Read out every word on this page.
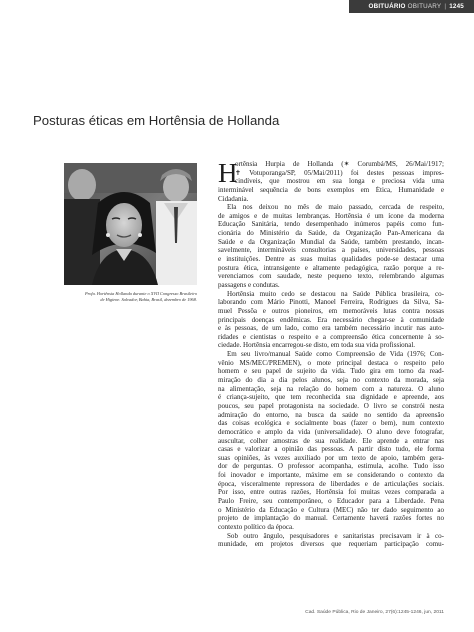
OBITUÁRIO OBITUARY | 1245
Posturas éticas em Hortênsia de Hollanda
Profa. Hortênsia Hollanda durante o XVII Congresso Brasileiro
de Higiene. Salvador, Bahia, Brasil, dezembro de 1968.
H
ortênsia Hurpia de Hollanda (✶ Corumbá/MS, 26/Mai/1917;
✝ Votuporanga/SP, 05/Mai/2011) foi destes pessoas impres-
cindíveis, que mostrou em sua longa e preciosa vida uma
interminável sequência de bons exemplos em Ética, Humanidade e
Cidadania.
Ela nos deixou no mês de maio passado, cercada de respeito,
de amigos e de muitas lembranças. Hortênsia é um ícone da moderna
Educação Sanitária, tendo desempenhado inúmeros papéis como fun-
cionária do Ministério da Saúde, da Organização Pan-Americana da
Saúde e da Organização Mundial da Saúde, também prestando, incan-
savelmente, intermináveis consultorias a países, universidades, pessoas
e instituições. Dentre as suas muitas qualidades pode-se destacar uma
postura ética, intransigente e altamente pedagógica, razão porque a re-
verenciamos com saudade, neste pequeno texto, relembrando algumas
passagens e condutas.
Hortênsia muito cedo se destacou na Saúde Pública brasileira, co-
laborando com Mário Pinotti, Manoel Ferreira, Rodrigues da Silva, Sa-
muel Pessôa e outros pioneiros, em memoráveis lutas contra nossas
principais doenças endêmicas. Era necessário chegar-se à comunidade
e às pessoas, de um lado, como era também necessário incutir nas auto-
ridades e cientistas o respeito e a compreensão ética concernente à so-
ciedade. Hortênsia encarregou-se disto, em toda sua vida profissional.
Em seu livro/manual Saúde como Compreensão de Vida (1976; Con-
vênio MS/MEC/PREMEN), o mote principal destaca o respeito pelo
homem e seu papel de sujeito da vida. Tudo gira em torno da read-
miração do dia a dia pelos alunos, seja no contexto da morada, seja
na alimentação, seja na relação do homem com a natureza. O aluno
é criança-sujeito, que tem reconhecida sua dignidade e apreende, aos
poucos, seu papel protagonista na sociedade. O livro se constrói nesta
admiração do entorno, na busca da saúde no sentido da apreensão
das coisas ecológica e socialmente boas (fazer o bem), num contexto
democrático e amplo da vida (universalidade). O aluno deve fotografar,
auscultar, colher amostras de sua realidade. Ele aprende a entrar nas
casas e valorizar a opinião das pessoas. A partir disto tudo, ele forma
suas opiniões, às vezes auxiliado por um texto de apoio, também gera-
dor de perguntas. O professor acompanha, estimula, acolhe. Tudo isso
foi inovador e importante, máxime em se considerando o contexto da
época, visceralmente repressora de liberdades e de articulações sociais.
Por isso, entre outras razões, Hortênsia foi muitas vezes comparada a
Paulo Freire, seu contemporâneo, o Educador para a Liberdade. Pena
o Ministério da Educação e Cultura (MEC) não ter dado seguimento ao
projeto de implantação do manual. Certamente haverá razões fortes no
contexto político da época.
Sob outro ângulo, pesquisadores e sanitaristas precisavam ir à co-
munidade, em projetos diversos que requeriam participação comu-
Cad. Saúde Pública, Rio de Janeiro, 27(6):1245-1246, jun, 2011
